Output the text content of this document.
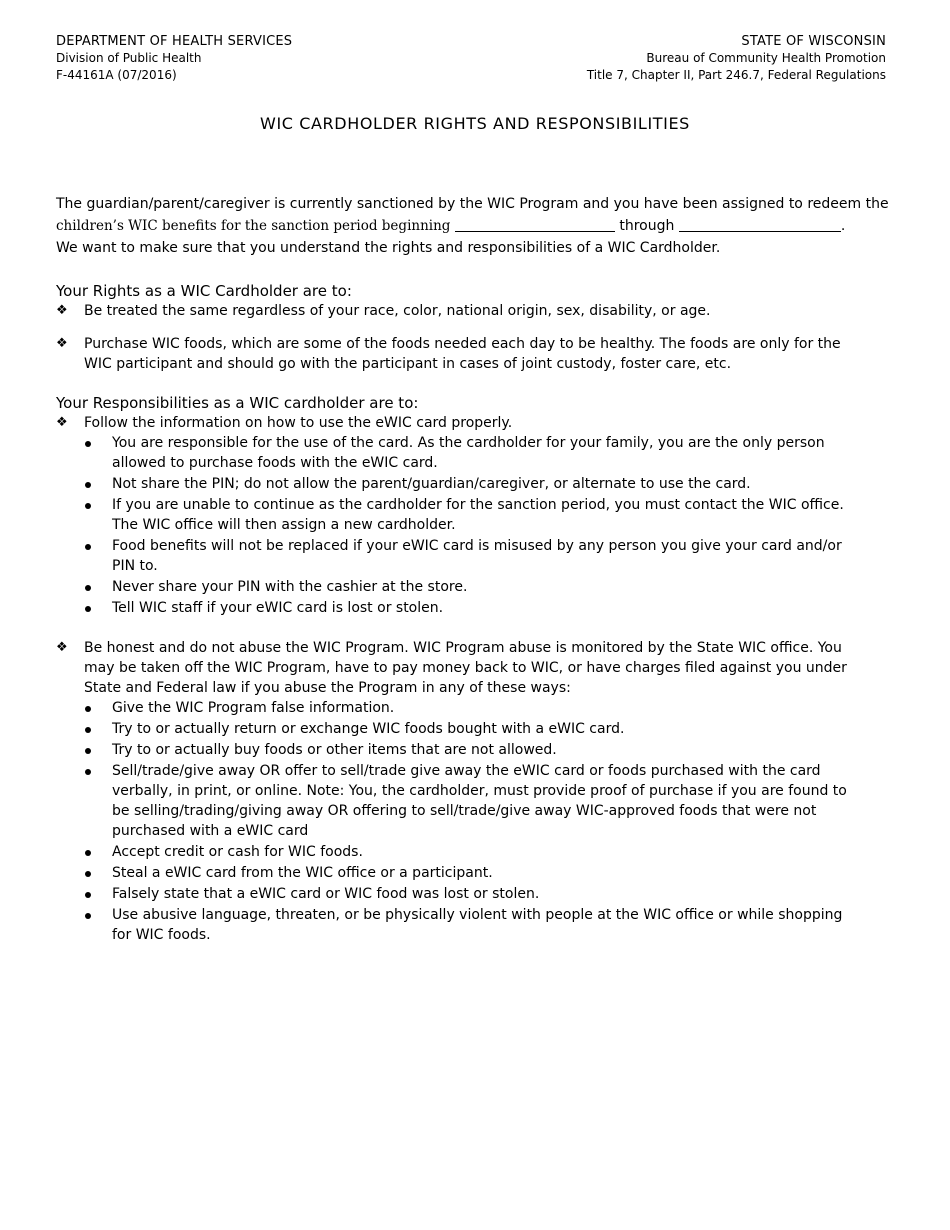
DEPARTMENT OF HEALTH SERVICES
Division of Public Health
F-44161A (07/2016)
STATE OF WISCONSIN
Bureau of Community Health Promotion
Title 7, Chapter II, Part 246.7, Federal Regulations
WIC CARDHOLDER RIGHTS AND RESPONSIBILITIES
The guardian/parent/caregiver is currently sanctioned by the WIC Program and you have been assigned to redeem the
children’s WIC benefits for the sanction period beginning	through	.
We want to make sure that you understand the rights and responsibilities of a WIC Cardholder.
Your Rights as a WIC Cardholder are to:
❖	Be treated the same regardless of your race, color, national origin, sex, disability, or age.
❖	Purchase WIC foods, which are some of the foods needed each day to be healthy. The foods are only for the WIC participant and should go with the participant in cases of joint custody, foster care, etc.
Your Responsibilities as a WIC cardholder are to:
❖	Follow the information on how to use the eWIC card properly.
You are responsible for the use of the card. As the cardholder for your family, you are the only person allowed to purchase foods with the eWIC card.
Not share the PIN; do not allow the parent/guardian/caregiver, or alternate to use the card.
If you are unable to continue as the cardholder for the sanction period, you must contact the WIC office. The WIC office will then assign a new cardholder.
Food benefits will not be replaced if your eWIC card is misused by any person you give your card and/or PIN to.
Never share your PIN with the cashier at the store.
Tell WIC staff if your eWIC card is lost or stolen.
❖	Be honest and do not abuse the WIC Program. WIC Program abuse is monitored by the State WIC office. You may be taken off the WIC Program, have to pay money back to WIC, or have charges filed against you under State and Federal law if you abuse the Program in any of these ways:
Give the WIC Program false information.
Try to or actually return or exchange WIC foods bought with a eWIC card.
Try to or actually buy foods or other items that are not allowed.
Sell/trade/give away OR offer to sell/trade give away the eWIC card or foods purchased with the card verbally, in print, or online. Note: You, the cardholder, must provide proof of purchase if you are found to be selling/trading/giving away OR offering to sell/trade/give away WIC-approved foods that were not purchased with a eWIC card
Accept credit or cash for WIC foods.
Steal a eWIC card from the WIC office or a participant.
Falsely state that a eWIC card or WIC food was lost or stolen.
Use abusive language, threaten, or be physically violent with people at the WIC office or while shopping for WIC foods.
